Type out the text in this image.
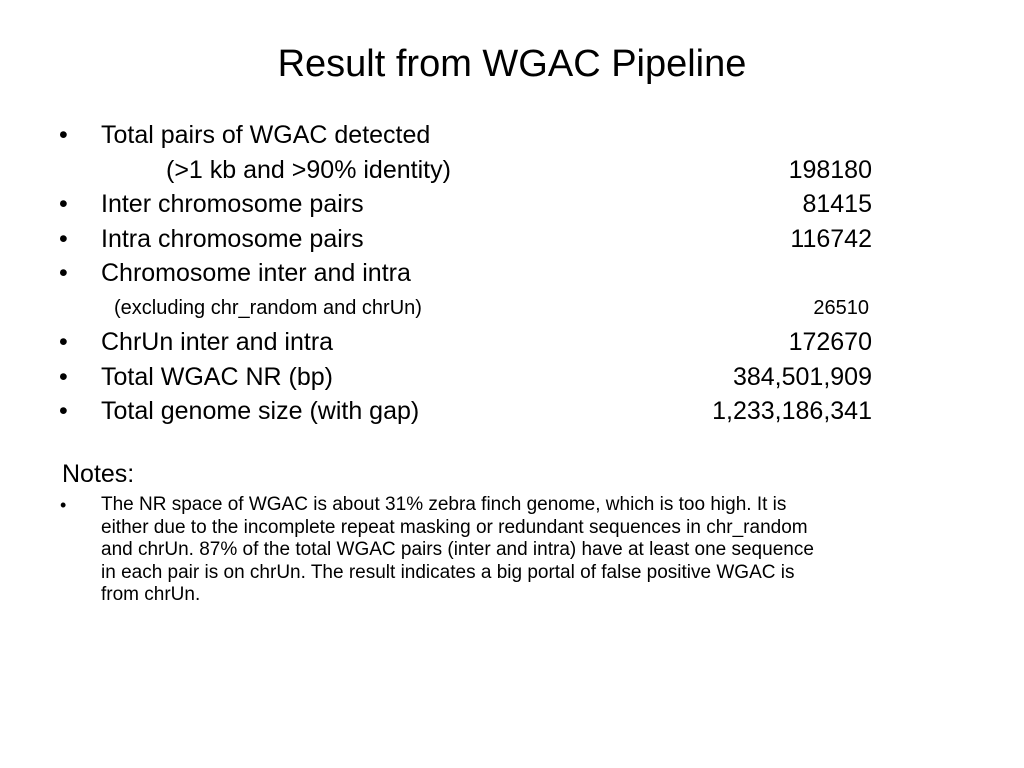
Result from WGAC Pipeline
• Total pairs of WGAC detected
(>1 kb and >90% identity)	198180
• Inter chromosome pairs	81415
• Intra chromosome pairs	116742
• Chromosome inter and intra
(excluding chr_random and chrUn)	26510
• ChrUn inter and intra	172670
• Total WGAC NR (bp)	384,501,909
• Total genome size (with gap)	1,233,186,341
Notes:
• The NR space of WGAC is about 31% zebra finch genome, which is too high. It is
either due to the incomplete repeat masking or redundant sequences in chr_random
and chrUn. 87% of the total WGAC pairs (inter and intra) have at least one sequence
in each pair is on chrUn. The result indicates a big portal of false positive WGAC is
from chrUn.
